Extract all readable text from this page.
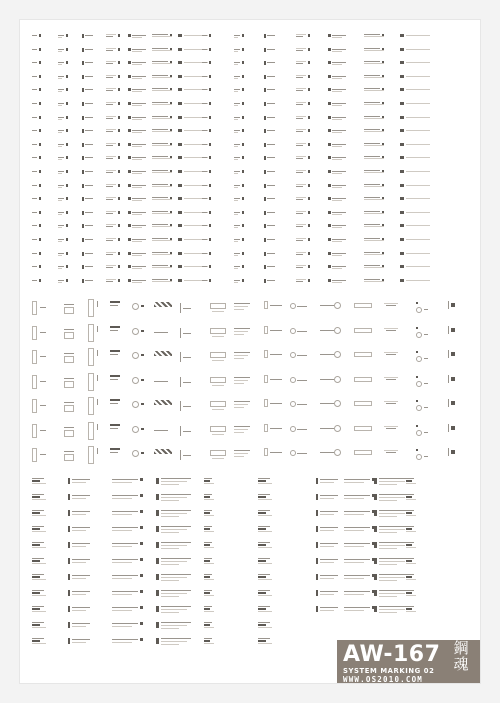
AW-167
SYSTEM MARKING 02
鋼
魂
WWW.OS2010.COM
